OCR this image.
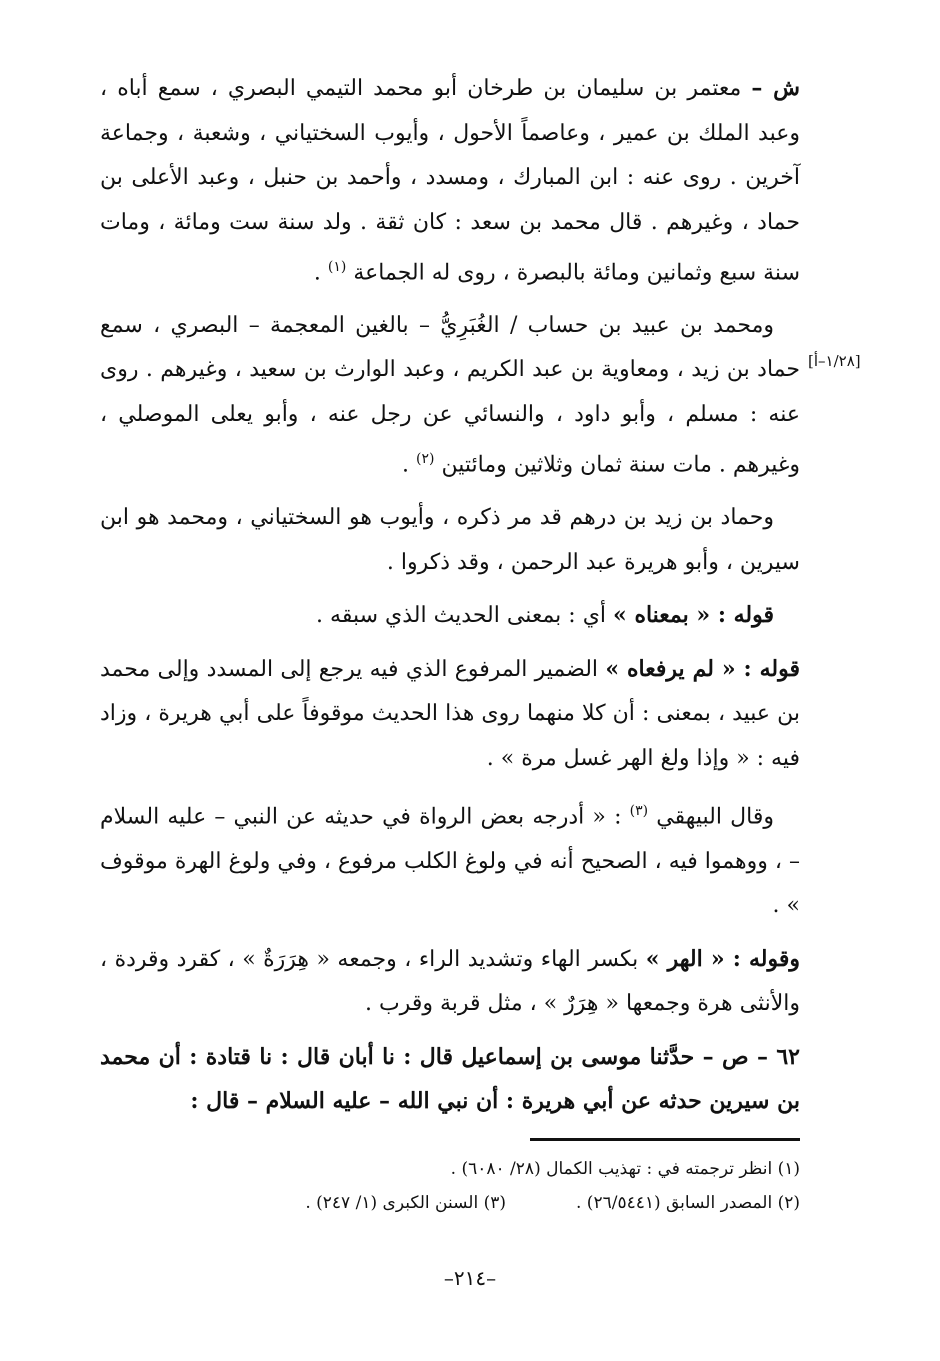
[١/٢٨–أ]

ش – معتمر بن سليمان بن طرخان أبو محمد التيمي البصري ، سمع أباه ، وعبد الملك بن عمير ، وعاصماً الأحول ، وأيوب السختياني ، وشعبة ، وجماعة آخرين . روى عنه : ابن المبارك ، ومسدد ، وأحمد بن حنبل ، وعبد الأعلى بن حماد ، وغيرهم . قال محمد بن سعد : كان ثقة . ولد سنة ست ومائة ، ومات سنة سبع وثمانين ومائة بالبصرة ، روى له الجماعة $^{(١)}$ .

ومحمد بن عبيد بن حساب / الغُبَرِيُّ – بالغين المعجمة – البصري ، سمع حماد بن زيد ، ومعاوية بن عبد الكريم ، وعبد الوارث بن سعيد ، وغيرهم . روى عنه : مسلم ، وأبو داود ، والنسائي عن رجل عنه ، وأبو يعلى الموصلي ، وغيرهم . مات سنة ثمان وثلاثين ومائتين $^{(٢)}$ .

وحماد بن زيد بن درهم قد مر ذكره ، وأيوب هو السختياني ، ومحمد هو ابن سيرين ، وأبو هريرة عبد الرحمن ، وقد ذكروا .

قوله : « بمعناه » أي : بمعنى الحديث الذي سبقه .

قوله : « لم يرفعاه » الضمير المرفوع الذي فيه يرجع إلى المسدد وإلى محمد بن عبيد ، بمعنى : أن كلا منهما روى هذا الحديث موقوفاً على أبي هريرة ، وزاد فيه : « وإذا ولغ الهر غسل مرة » .

وقال البيهقي $^{(٣)}$ : « أدرجه بعض الرواة في حديثه عن النبي – عليه السلام – ، ووهموا فيه ، الصحيح أنه في ولوغ الكلب مرفوع ، وفي ولوغ الهرة موقوف » .

وقوله : « الهر » بكسر الهاء وتشديد الراء ، وجمعه « هِرَرَةٌ » ، كقرد وقردة ، والأنثى هرة وجمعها « هِرَرٌ » ، مثل قربة وقرب .

٦٢ – ص – حدَّثنا موسى بن إسماعيل قال : نا أبان قال : نا قتادة : أن محمد بن سيرين حدثه عن أبي هريرة : أن نبي الله – عليه السلام – قال :

(١) انظر ترجمته في : تهذيب الكمال (٢٨/ ٦٠٨٠) .
(٢) المصدر السابق (٢٦/٥٤٤١) .
(٣) السنن الكبرى (١/ ٢٤٧) .
–٢١٤–
